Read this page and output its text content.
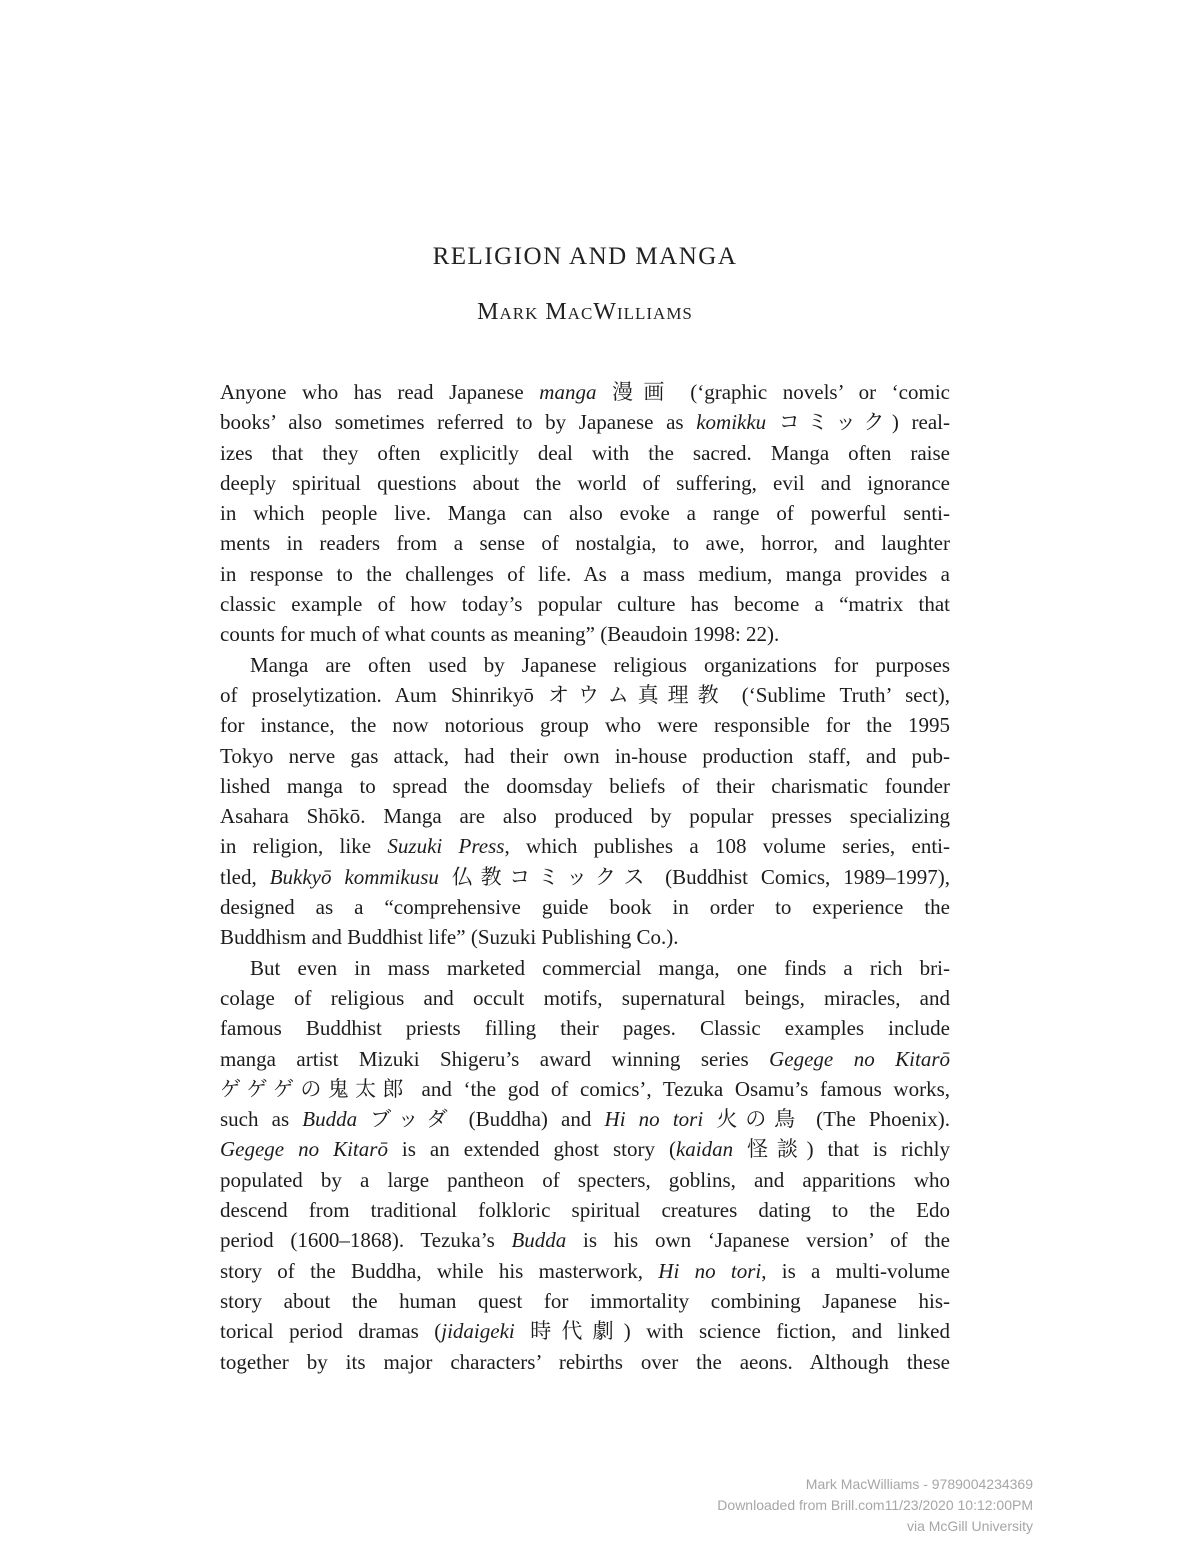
RELIGION AND MANGA
Mark MacWilliams
Anyone who has read Japanese manga 漫画 (‘graphic novels’ or ‘comic
books’ also sometimes referred to by Japanese as komikku コミック) real-
izes that they often explicitly deal with the sacred. Manga often raise
deeply spiritual questions about the world of suffering, evil and ignorance
in which people live. Manga can also evoke a range of powerful senti-
ments in readers from a sense of nostalgia, to awe, horror, and laughter
in response to the challenges of life. As a mass medium, manga provides a
classic example of how today’s popular culture has become a “matrix that
counts for much of what counts as meaning” (Beaudoin 1998: 22).
Manga are often used by Japanese religious organizations for purposes
of proselytization. Aum Shinrikyō オウム真理教 (‘Sublime Truth’ sect),
for instance, the now notorious group who were responsible for the 1995
Tokyo nerve gas attack, had their own in-house production staff, and pub-
lished manga to spread the doomsday beliefs of their charismatic founder
Asahara Shōkō. Manga are also produced by popular presses specializing
in religion, like Suzuki Press, which publishes a 108 volume series, enti-
tled, Bukkyō kommikusu 仏教コミックス (Buddhist Comics, 1989–1997),
designed as a “comprehensive guide book in order to experience the
Buddhism and Buddhist life” (Suzuki Publishing Co.).
But even in mass marketed commercial manga, one finds a rich bri-
colage of religious and occult motifs, supernatural beings, miracles, and
famous Buddhist priests filling their pages. Classic examples include
manga artist Mizuki Shigeru’s award winning series Gegege no Kitarō
ゲゲゲの鬼太郎 and ‘the god of comics’, Tezuka Osamu’s famous works,
such as Budda ブッダ (Buddha) and Hi no tori 火の鳥 (The Phoenix).
Gegege no Kitarō is an extended ghost story (kaidan 怪談) that is richly
populated by a large pantheon of specters, goblins, and apparitions who
descend from traditional folkloric spiritual creatures dating to the Edo
period (1600–1868). Tezuka’s Budda is his own ‘Japanese version’ of the
story of the Buddha, while his masterwork, Hi no tori, is a multi-volume
story about the human quest for immortality combining Japanese his-
torical period dramas (jidaigeki 時代劇) with science fiction, and linked
together by its major characters’ rebirths over the aeons. Although these
Mark MacWilliams - 9789004234369
Downloaded from Brill.com11/23/2020 10:12:00PM
via McGill University
